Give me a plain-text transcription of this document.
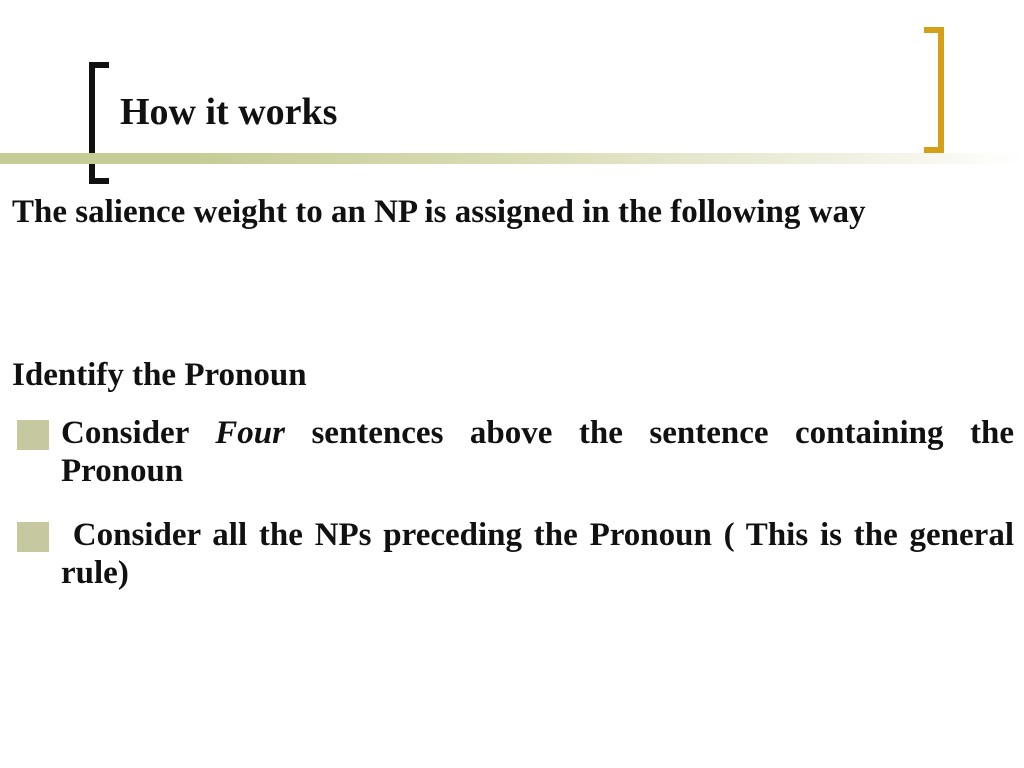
How it works
The salience weight to an NP is assigned in the following way
Identify the Pronoun
Consider Four sentences above the sentence containing the Pronoun
Consider all the NPs preceding the Pronoun ( This is the general rule)
